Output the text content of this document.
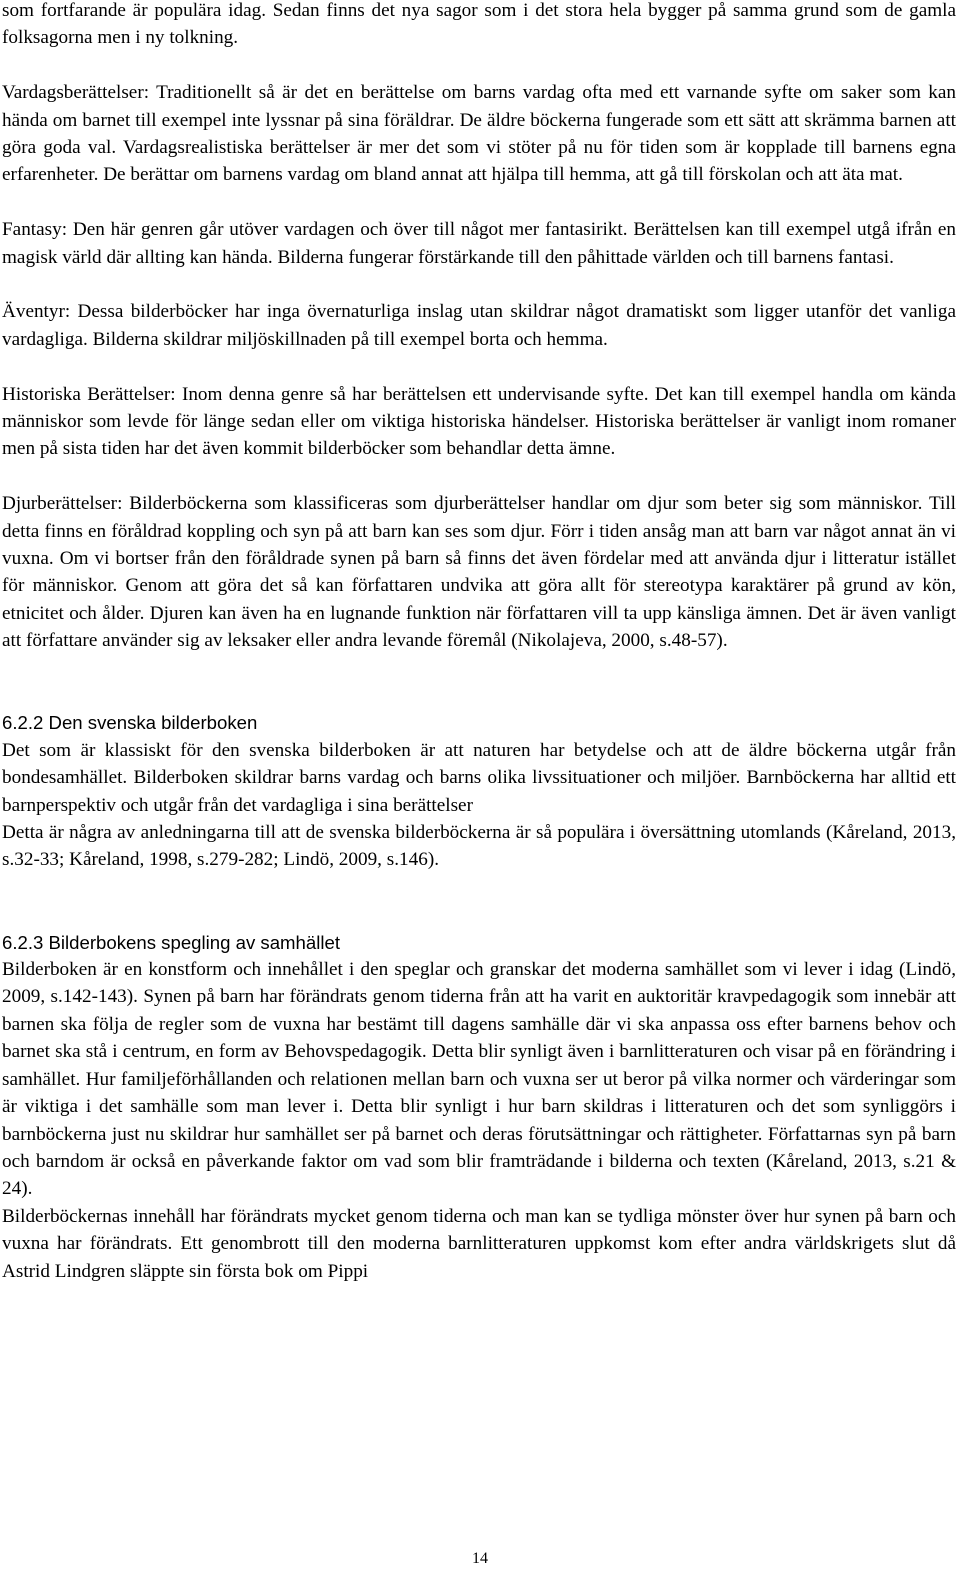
som fortfarande är populära idag. Sedan finns det nya sagor som i det stora hela bygger på samma grund som de gamla folksagorna men i ny tolkning.

Vardagsberättelser: Traditionellt så är det en berättelse om barns vardag ofta med ett varnande syfte om saker som kan hända om barnet till exempel inte lyssnar på sina föräldrar. De äldre böckerna fungerade som ett sätt att skrämma barnen att göra goda val. Vardagsrealistiska berättelser är mer det som vi stöter på nu för tiden som är kopplade till barnens egna erfarenheter. De berättar om barnens vardag om bland annat att hjälpa till hemma, att gå till förskolan och att äta mat.

Fantasy: Den här genren går utöver vardagen och över till något mer fantasirikt. Berättelsen kan till exempel utgå ifrån en magisk värld där allting kan hända. Bilderna fungerar förstärkande till den påhittade världen och till barnens fantasi.

Äventyr: Dessa bilderböcker har inga övernaturliga inslag utan skildrar något dramatiskt som ligger utanför det vanliga vardagliga. Bilderna skildrar miljöskillnaden på till exempel borta och hemma.

Historiska Berättelser: Inom denna genre så har berättelsen ett undervisande syfte. Det kan till exempel handla om kända människor som levde för länge sedan eller om viktiga historiska händelser. Historiska berättelser är vanligt inom romaner men på sista tiden har det även kommit bilderböcker som behandlar detta ämne.

Djurberättelser: Bilderböckerna som klassificeras som djurberättelser handlar om djur som beter sig som människor. Till detta finns en föråldrad koppling och syn på att barn kan ses som djur. Förr i tiden ansåg man att barn var något annat än vi vuxna. Om vi bortser från den föråldrade synen på barn så finns det även fördelar med att använda djur i litteratur istället för människor. Genom att göra det så kan författaren undvika att göra allt för stereotypa karaktärer på grund av kön, etnicitet och ålder. Djuren kan även ha en lugnande funktion när författaren vill ta upp känsliga ämnen. Det är även vanligt att författare använder sig av leksaker eller andra levande föremål (Nikolajeva, 2000, s.48-57).

6.2.2 Den svenska bilderboken

Det som är klassiskt för den svenska bilderboken är att naturen har betydelse och att de äldre böckerna utgår från bondesamhället. Bilderboken skildrar barns vardag och barns olika livssituationer och miljöer. Barnböckerna har alltid ett barnperspektiv och utgår från det vardagliga i sina berättelser

Detta är några av anledningarna till att de svenska bilderböckerna är så populära i översättning utomlands (Kåreland, 2013, s.32-33; Kåreland, 1998, s.279-282; Lindö, 2009, s.146).

6.2.3 Bilderbokens spegling av samhället

Bilderboken är en konstform och innehållet i den speglar och granskar det moderna samhället som vi lever i idag (Lindö, 2009, s.142-143). Synen på barn har förändrats genom tiderna från att ha varit en auktoritär kravpedagogik som innebär att barnen ska följa de regler som de vuxna har bestämt till dagens samhälle där vi ska anpassa oss efter barnens behov och barnet ska stå i centrum, en form av Behovspedagogik. Detta blir synligt även i barnlitteraturen och visar på en förändring i samhället. Hur familjeförhållanden och relationen mellan barn och vuxna ser ut beror på vilka normer och värderingar som är viktiga i det samhälle som man lever i. Detta blir synligt i hur barn skildras i litteraturen och det som synliggörs i barnböckerna just nu skildrar hur samhället ser på barnet och deras förutsättningar och rättigheter. Författarnas syn på barn och barndom är också en påverkande faktor om vad som blir framträdande i bilderna och texten (Kåreland, 2013, s.21 & 24).

Bilderböckernas innehåll har förändrats mycket genom tiderna och man kan se tydliga mönster över hur synen på barn och vuxna har förändrats. Ett genombrott till den moderna barnlitteraturen uppkomst kom efter andra världskrigets slut då Astrid Lindgren släppte sin första bok om Pippi

14
